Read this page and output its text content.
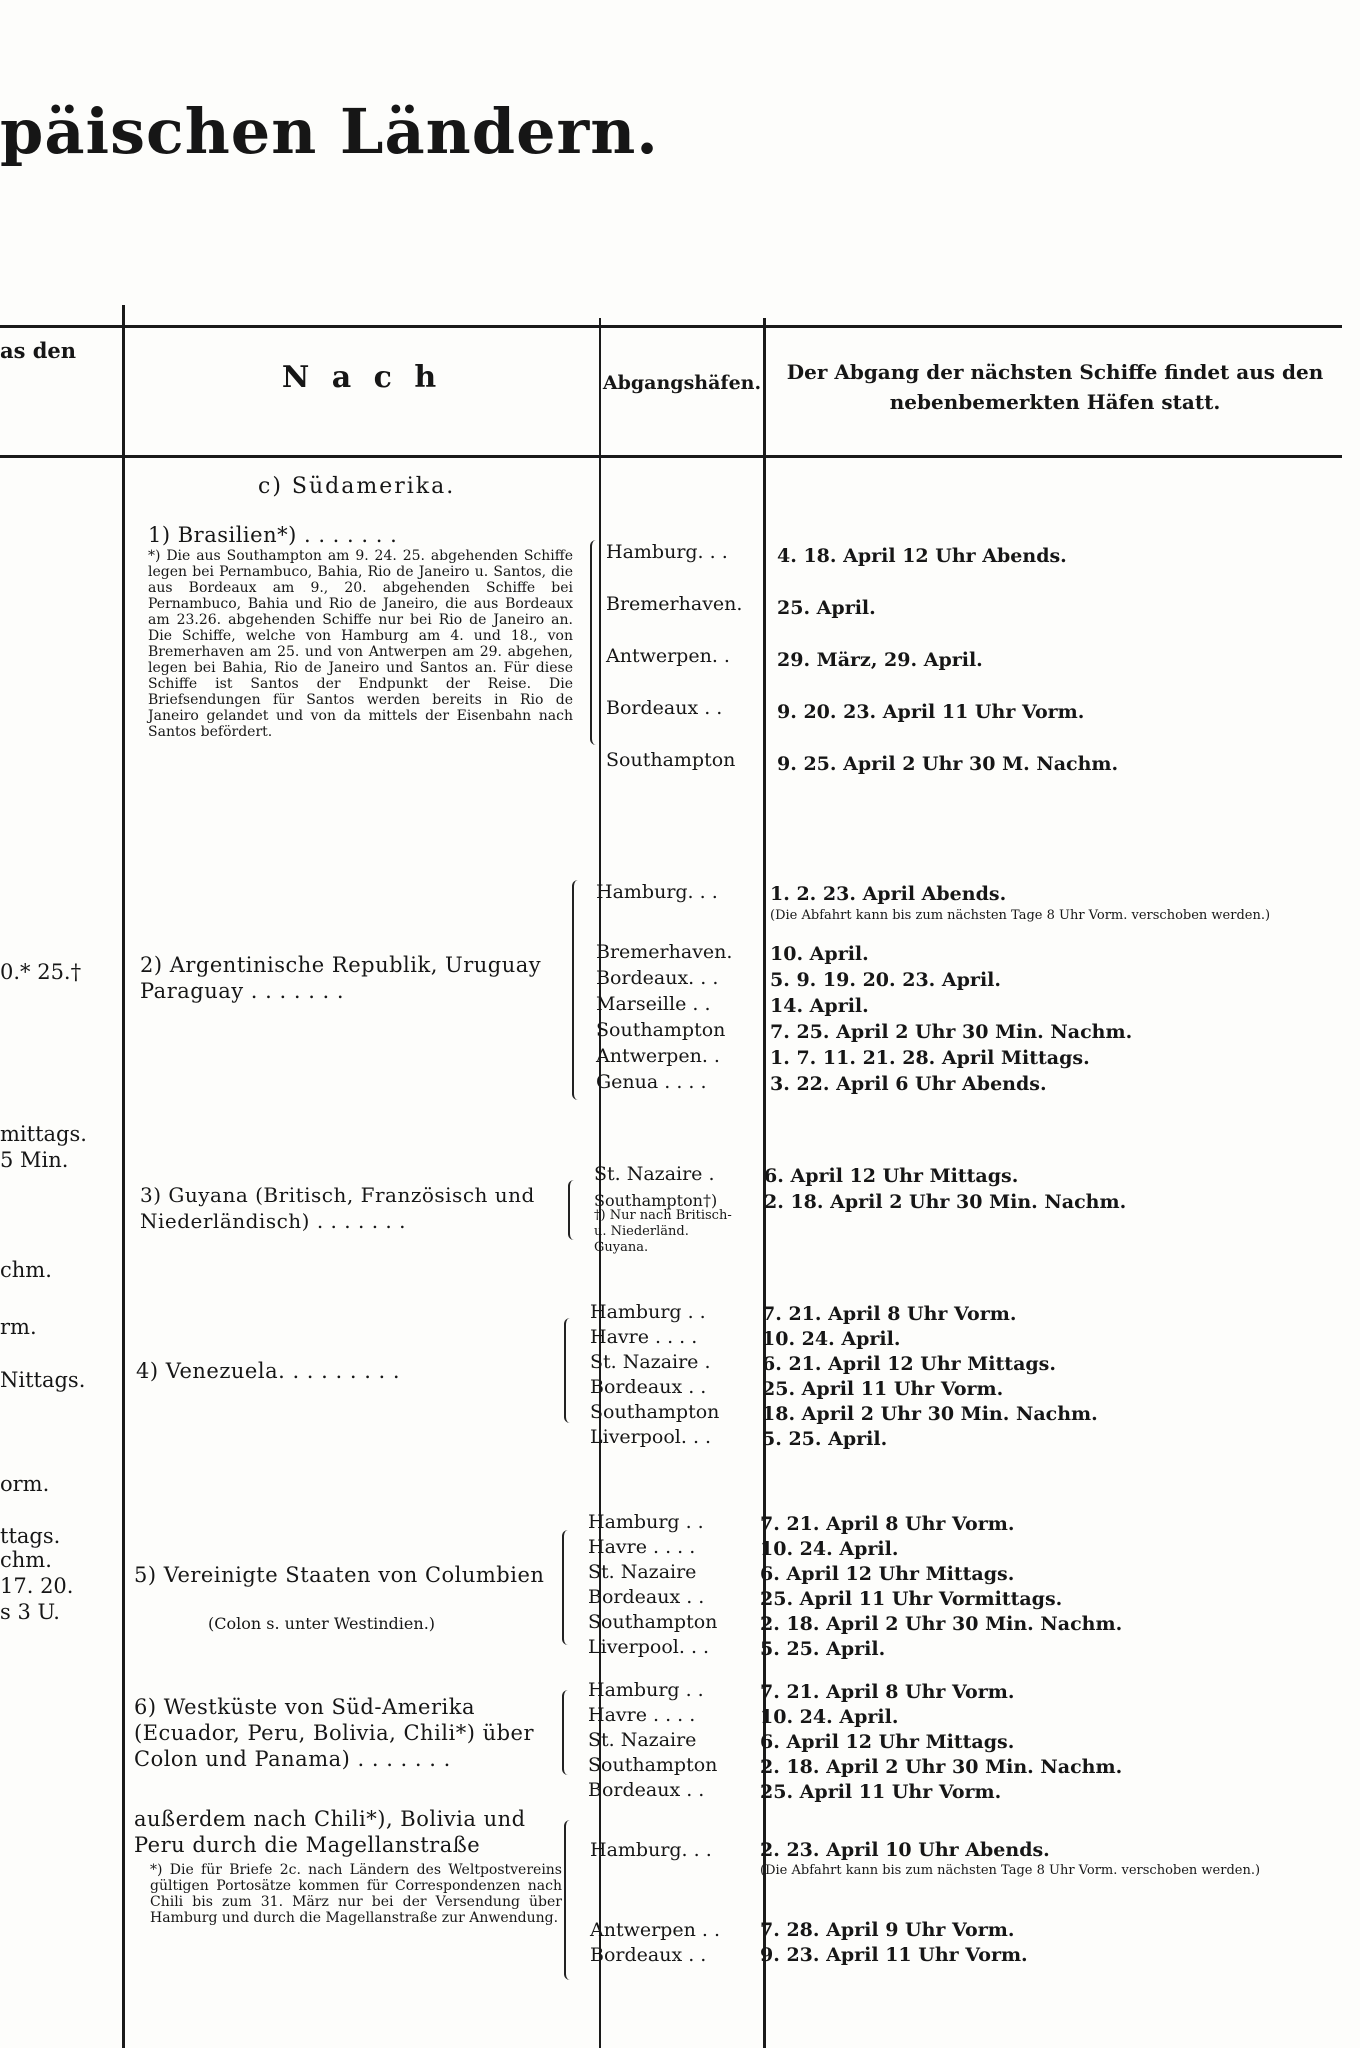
päischen Ländern.
as den
N a c h	Abgangshäfen.	Der Abgang der nächsten Schiffe findet aus den nebenbemerkten Häfen statt.
c) Südamerika.
0.* 25.†
mittags.
5 Min.
chm.
rm.
Nittags.
orm.
ttags.
chm.
17. 20.
s 3 U.
1) Brasilien*) . . . . . . .
*) Die aus Southampton am 9. 24. 25. abgehenden Schiffe legen bei Pernambuco, Bahia, Rio de Janeiro u. Santos, die aus Bordeaux am 9., 20. abgehenden Schiffe bei Pernambuco, Bahia und Rio de Janeiro, die aus Bordeaux am 23.26. abgehenden Schiffe nur bei Rio de Janeiro an. Die Schiffe, welche von Hamburg am 4. und 18., von Bremerhaven am 25. und von Antwerpen am 29. abgehen, legen bei Bahia, Rio de Janeiro und Santos an. Für diese Schiffe ist Santos der Endpunkt der Reise. Die Briefsendungen für Santos werden bereits in Rio de Janeiro gelandet und von da mittels der Eisenbahn nach Santos befördert.
Hamburg. . .
Bremerhaven.
Antwerpen. .
Bordeaux . .
Southampton
4. 18. April 12 Uhr Abends.
25. April.
29. März, 29. April.
9. 20. 23. April 11 Uhr Vorm.
9. 25. April 2 Uhr 30 M. Nachm.
2) Argentinische Republik, Uruguay Paraguay . . . . . . .
Hamburg. . .
Bremerhaven.
Bordeaux. . .
Marseille . .
Southampton
Antwerpen. .
Genua . . . .
1. 2. 23. April Abends.
(Die Abfahrt kann bis zum nächsten Tage 8 Uhr Vorm. verschoben werden.)
10. April.
5. 9. 19. 20. 23. April.
14. April.
7. 25. April 2 Uhr 30 Min. Nachm.
1. 7. 11. 21. 28. April Mittags.
3. 22. April 6 Uhr Abends.
3) Guyana (Britisch, Französisch und Niederländisch) . . . . . . .
St. Nazaire .
Southampton†)
†) Nur nach Britisch- u. Niederländ. Guyana.
6. April 12 Uhr Mittags.
2. 18. April 2 Uhr 30 Min. Nachm.
4) Venezuela. . . . . . . . .
Hamburg . .
Havre . . . .
St. Nazaire .
Bordeaux . .
Southampton
Liverpool. . .
7. 21. April 8 Uhr Vorm.
10. 24. April.
6. 21. April 12 Uhr Mittags.
25. April 11 Uhr Vorm.
18. April 2 Uhr 30 Min. Nachm.
5. 25. April.
5) Vereinigte Staaten von Columbien
(Colon s. unter Westindien.)
Hamburg . .
Havre . . . .
St. Nazaire
Bordeaux . .
Southampton
Liverpool. . .
7. 21. April 8 Uhr Vorm.
10. 24. April.
6. April 12 Uhr Mittags.
25. April 11 Uhr Vormittags.
2. 18. April 2 Uhr 30 Min. Nachm.
5. 25. April.
6) Westküste von Süd-Amerika (Ecuador, Peru, Bolivia, Chili*) über Colon und Panama) . . . . . . .
Hamburg . .
Havre . . . .
St. Nazaire
Southampton
Bordeaux . .
7. 21. April 8 Uhr Vorm.
10. 24. April.
6. April 12 Uhr Mittags.
2. 18. April 2 Uhr 30 Min. Nachm.
25. April 11 Uhr Vorm.
außerdem nach Chili*), Bolivia und Peru durch die Magellanstraße
*) Die für Briefe 2c. nach Ländern des Weltpostvereins gültigen Portosätze kommen für Correspondenzen nach Chili bis zum 31. März nur bei der Versendung über Hamburg und durch die Magellanstraße zur Anwendung.
Hamburg. . .
Antwerpen . .
Bordeaux . .
2. 23. April 10 Uhr Abends.
(Die Abfahrt kann bis zum nächsten Tage 8 Uhr Vorm. verschoben werden.)
7. 28. April 9 Uhr Vorm.
9. 23. April 11 Uhr Vorm.
